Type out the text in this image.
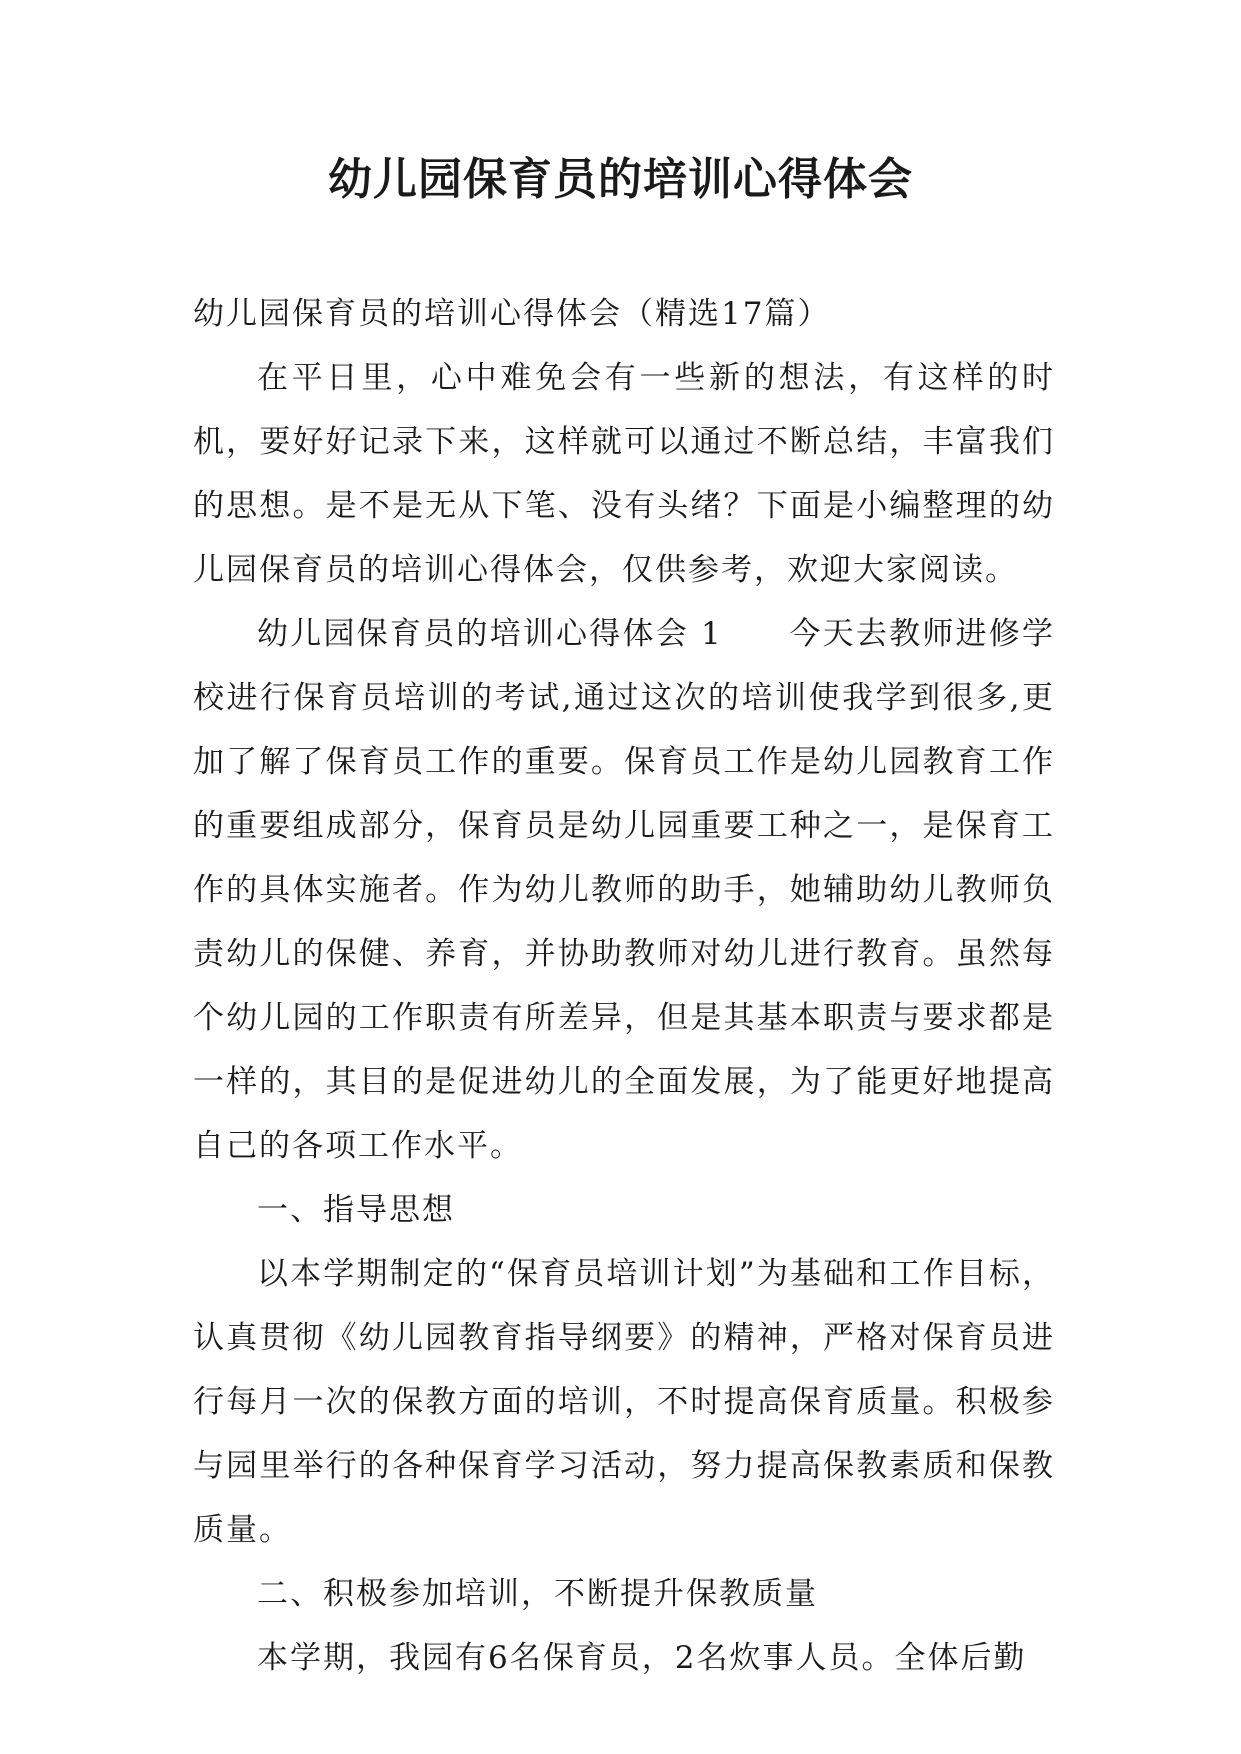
幼儿园保育员的培训心得体会

幼儿园保育员的培训心得体会（精选17篇）

在平日里，心中难免会有一些新的想法，有这样的时机，要好好记录下来，这样就可以通过不断总结，丰富我们的思想。是不是无从下笔、没有头绪？下面是小编整理的幼儿园保育员的培训心得体会，仅供参考，欢迎大家阅读。

幼儿园保育员的培训心得体会 1　　今天去教师进修学校进行保育员培训的考试,通过这次的培训使我学到很多,更加了解了保育员工作的重要。保育员工作是幼儿园教育工作的重要组成部分，保育员是幼儿园重要工种之一，是保育工作的具体实施者。作为幼儿教师的助手，她辅助幼儿教师负责幼儿的保健、养育，并协助教师对幼儿进行教育。虽然每个幼儿园的工作职责有所差异，但是其基本职责与要求都是一样的，其目的是促进幼儿的全面发展，为了能更好地提高自己的各项工作水平。

一、指导思想

以本学期制定的“保育员培训计划”为基础和工作目标，认真贯彻《幼儿园教育指导纲要》的精神，严格对保育员进行每月一次的保教方面的培训，不时提高保育质量。积极参与园里举行的各种保育学习活动，努力提高保教素质和保教质量。

二、积极参加培训，不断提升保教质量

本学期，我园有6名保育员，2名炊事人员。全体后勤
